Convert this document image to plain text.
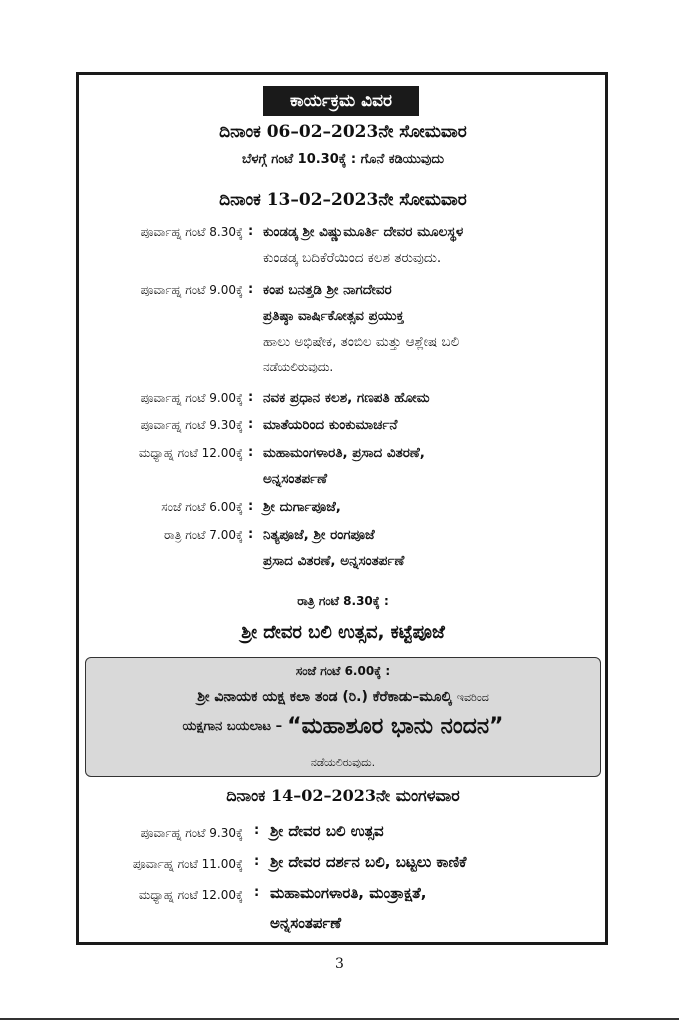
ಕಾರ್ಯಕ್ರಮ ವಿವರ
ದಿನಾಂಕ 06–02–2023ನೇ ಸೋಮವಾರ
ಬೆಳಗ್ಗೆ ಗಂಟೆ 10.30ಕ್ಕೆ : ಗೊನೆ ಕಡಿಯುವುದು
ದಿನಾಂಕ 13–02–2023ನೇ ಸೋಮವಾರ
ಪೂರ್ವಾಹ್ನ ಗಂಟೆ 8.30ಕ್ಕೆ : ಕುಂಡಡ್ಕ ಶ್ರೀ ವಿಷ್ಣುಮೂರ್ತಿ ದೇವರ ಮೂಲಸ್ಥಳ
ಕುಂಡಡ್ಕ ಬದಿಕೆರೆಯಿಂದ ಕಲಶ ತರುವುದು.
ಪೂರ್ವಾಹ್ನ ಗಂಟೆ 9.00ಕ್ಕೆ : ಕಂಪ ಬನತ್ತಡಿ ಶ್ರೀ ನಾಗದೇವರ
ಪ್ರತಿಷ್ಠಾ ವಾರ್ಷಿಕೋತ್ಸವ ಪ್ರಯುಕ್ತ
ಹಾಲು ಅಭಿಷೇಕ, ತಂಬಿಲ ಮತ್ತು ಆಶ್ಲೇಷ ಬಲಿ
ನಡೆಯಲಿರುವುದು.
ಪೂರ್ವಾಹ್ನ ಗಂಟೆ 9.00ಕ್ಕೆ : ನವಕ ಪ್ರಧಾನ ಕಲಶ, ಗಣಪತಿ ಹೋಮ
ಪೂರ್ವಾಹ್ನ ಗಂಟೆ 9.30ಕ್ಕೆ : ಮಾತೆಯರಿಂದ ಕುಂಕುಮಾರ್ಚನೆ
ಮಧ್ಯಾಹ್ನ ಗಂಟೆ 12.00ಕ್ಕೆ : ಮಹಾಮಂಗಳಾರತಿ, ಪ್ರಸಾದ ವಿತರಣೆ,
ಅನ್ನಸಂತರ್ಪಣೆ
ಸಂಜೆ ಗಂಟೆ 6.00ಕ್ಕೆ : ಶ್ರೀ ದುರ್ಗಾಪೂಜೆ,
ರಾತ್ರಿ ಗಂಟೆ 7.00ಕ್ಕೆ : ನಿತ್ಯಪೂಜೆ, ಶ್ರೀ ರಂಗಪೂಜೆ
ಪ್ರಸಾದ ವಿತರಣೆ, ಅನ್ನಸಂತರ್ಪಣೆ
ರಾತ್ರಿ ಗಂಟೆ 8.30ಕ್ಕೆ :
ಶ್ರೀ ದೇವರ ಬಲಿ ಉತ್ಸವ, ಕಟ್ಟೆಪೂಜೆ
ಸಂಜೆ ಗಂಟೆ 6.00ಕ್ಕೆ :
ಶ್ರೀ ವಿನಾಯಕ ಯಕ್ಷ ಕಲಾ ತಂಡ (ರಿ.) ಕೆರೆಕಾಡು–ಮೂಲ್ಕಿ ಇವರಿಂದ
ಯಕ್ಷಗಾನ ಬಯಲಾಟ – “ಮಹಾಶೂರ ಭಾನು ನಂದನ”
ನಡೆಯಲಿರುವುದು.
ದಿನಾಂಕ 14–02–2023ನೇ ಮಂಗಳವಾರ
ಪೂರ್ವಾಹ್ನ ಗಂಟೆ 9.30ಕ್ಕೆ : ಶ್ರೀ ದೇವರ ಬಲಿ ಉತ್ಸವ
ಪೂರ್ವಾಹ್ನ ಗಂಟೆ 11.00ಕ್ಕೆ : ಶ್ರೀ ದೇವರ ದರ್ಶನ ಬಲಿ, ಬಟ್ಟಲು ಕಾಣಿಕೆ
ಮಧ್ಯಾಹ್ನ ಗಂಟೆ 12.00ಕ್ಕೆ : ಮಹಾಮಂಗಳಾರತಿ, ಮಂತ್ರಾಕ್ಷತೆ,
ಅನ್ನಸಂತರ್ಪಣೆ
3
